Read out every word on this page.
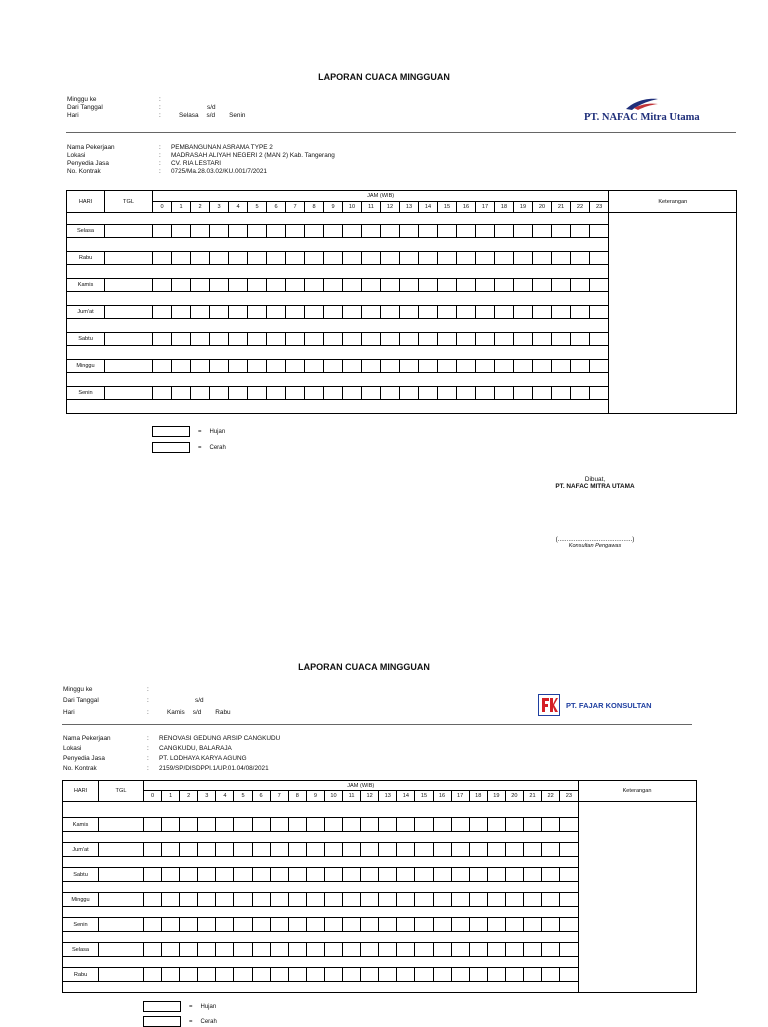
LAPORAN CUACA MINGGUAN
Minggu ke	:
Dari Tanggal	:	s/d
Hari	:	Selasa s/d Senin	PT. NAFAC Mitra Utama
Nama Pekerjaan	:	PEMBANGUNAN ASRAMA TYPE 2
Lokasi	:	MADRASAH ALIYAH NEGERI 2 (MAN 2) Kab. Tangerang
Penyedia Jasa	:	CV. RIA LESTARI
No. Kontrak	:	0725/Ma.28.03.02/KU.001/7/2021
HARI	TGL	JAM (WIB)																								Keterangan
		0	1	2	3	4	5	6	7	8	9	10	11	12	13	14	15	16	17	18	19	20	21	22	23	

Selasa																										

Rabu																										

Kamis																										

Jum'at																										

Sabtu																										

Minggu																										

Senin																										

= Hujan
= Cerah
Dibuat,
PT. NAFAC MITRA UTAMA
(..........................................)
Konsultan Pengawas
LAPORAN CUACA MINGGUAN
Minggu ke	:
Dari Tanggal	:	s/d
Hari	:	Kamis s/d Rabu
PT. FAJAR KONSULTAN
Nama Pekerjaan	:	RENOVASI GEDUNG ARSIP CANGKUDU
Lokasi	:	CANGKUDU, BALARAJA
Penyedia Jasa	:	PT. LODHAYA KARYA AGUNG
No. Kontrak	:	2159/SP/DISDPPI.1/UP.01.04/08/2021
HARI	TGL	JAM (WIB)																								Keterangan
		0	1	2	3	4	5	6	7	8	9	10	11	12	13	14	15	16	17	18	19	20	21	22	23	

Kamis																										

Jum'at																										

Sabtu																										

Minggu																										

Senin																										

Selasa																										

Rabu																										

= Hujan
= Cerah
